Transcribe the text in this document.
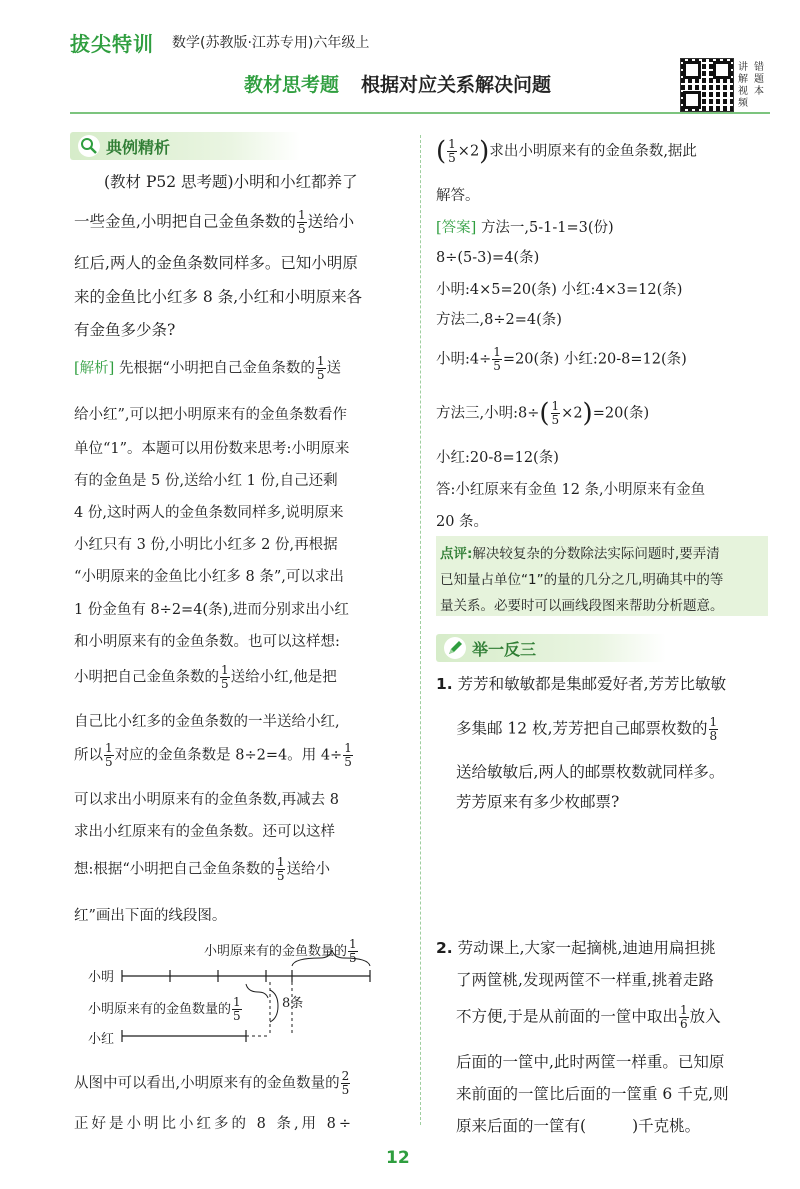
拔尖特训 数学(苏教版·江苏专用)六年级上
教材思考题 根据对应关系解决问题
讲解视频
错题本
典例精析
(教材 P52 思考题)小明和小红都养了
一些金鱼,小明把自己金鱼条数的 $\frac{1}{5}$ 送给小
红后,两人的金鱼条数同样多。已知小明原
来的金鱼比小红多 8 条,小红和小明原来各
有金鱼多少条?
[解析] 先根据“小明把自己金鱼条数的 $\frac{1}{5}$ 送
给小红”,可以把小明原来有的金鱼条数看作
单位“1”。本题可以用份数来思考:小明原来
有的金鱼是 5 份,送给小红 1 份,自己还剩
4 份,这时两人的金鱼条数同样多,说明原来
小红只有 3 份,小明比小红多 2 份,再根据
“小明原来的金鱼比小红多 8 条”,可以求出
1 份金鱼有 8÷2=4(条),进而分别求出小红
和小明原来有的金鱼条数。也可以这样想:
小明把自己金鱼条数的 $\frac{1}{5}$ 送给小红,他是把
自己比小红多的金鱼条数的一半送给小红,
所以 $\frac{1}{5}$ 对应的金鱼条数是 8÷2=4。用 $4\div \frac{1}{5}$
可以求出小明原来有的金鱼条数,再减去 8
求出小红原来有的金鱼条数。还可以这样
想:根据“小明把自己金鱼条数的 $\frac{1}{5}$ 送给小
红”画出下面的线段图。
小明原来有的金鱼数量的 $\frac{1}{5}$
小明
小明原来有的金鱼数量的 $\frac{1}{5}$	8条
小红
从图中可以看出,小明原来有的金鱼数量的 $\frac{2}{5}$
正好是小明比小红多的 8 条,用 8÷
( $\frac{1}{5} \times 2$)求出小明原来有的金鱼条数,据此
解答。
[答案] 方法一,5-1-1=3(份)
8÷(5-3)=4(条)
小明:4×5=20(条) 小红:4×3=12(条)
方法二,8÷2=4(条)
小明:4÷ $\frac{1}{5} =20$(条) 小红:20-8=12(条)
方法三,小明:8÷( $\frac{1}{5} \times 2)=20$(条)
小红:20-8=12(条)
答:小红原来有金鱼 12 条,小明原来有金鱼
20 条。
点评:解决较复杂的分数除法实际问题时,要弄清
已知量占单位“1”的量的几分之几,明确其中的等
量关系。必要时可以画线段图来帮助分析题意。
举一反三
1. 芳芳和敏敏都是集邮爱好者,芳芳比敏敏
多集邮 12 枚,芳芳把自己邮票枚数的 $\frac{1}{8}$
送给敏敏后,两人的邮票枚数就同样多。
芳芳原来有多少枚邮票?
2. 劳动课上,大家一起摘桃,迪迪用扁担挑
了两筐桃,发现两筐不一样重,挑着走路
不方便,于是从前面的一筐中取出 $\frac{1}{6}$ 放入
后面的一筐中,此时两筐一样重。已知原
来前面的一筐比后面的一筐重 6 千克,则
原来后面的一筐有(	)千克桃。
12
